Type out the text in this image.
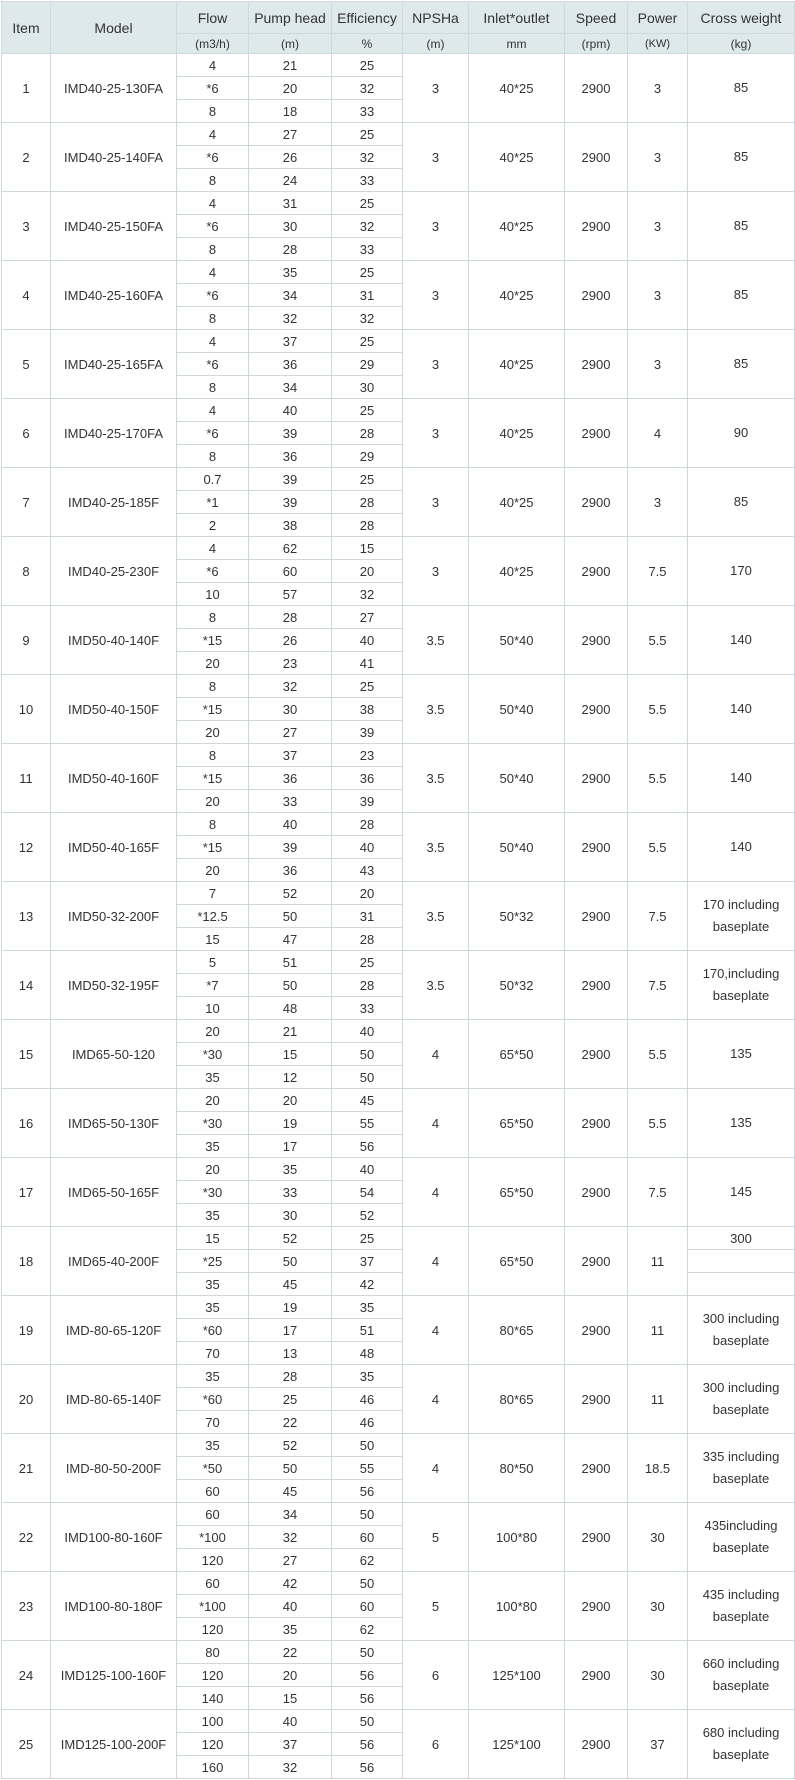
Item	Model	Flow	Pump head	Efficiency	NPSHa	Inlet*outlet	Speed	Power	Cross weight
		(m3/h)	(m)	%	(m)	mm	(rpm)	(KW)	(kg)
1	IMD40-25-130FA	4	21	25	3	40*25	2900	3	85
		*6	20	32					
		8	18	33					
2	IMD40-25-140FA	4	27	25	3	40*25	2900	3	85
		*6	26	32					
		8	24	33					
3	IMD40-25-150FA	4	31	25	3	40*25	2900	3	85
		*6	30	32					
		8	28	33					
4	IMD40-25-160FA	4	35	25	3	40*25	2900	3	85
		*6	34	31					
		8	32	32					
5	IMD40-25-165FA	4	37	25	3	40*25	2900	3	85
		*6	36	29					
		8	34	30					
6	IMD40-25-170FA	4	40	25	3	40*25	2900	4	90
		*6	39	28					
		8	36	29					
7	IMD40-25-185F	0.7	39	25	3	40*25	2900	3	85
		*1	39	28					
		2	38	28					
8	IMD40-25-230F	4	62	15	3	40*25	2900	7.5	170
		*6	60	20					
		10	57	32					
9	IMD50-40-140F	8	28	27	3.5	50*40	2900	5.5	140
		*15	26	40					
		20	23	41					
10	IMD50-40-150F	8	32	25	3.5	50*40	2900	5.5	140
		*15	30	38					
		20	27	39					
11	IMD50-40-160F	8	37	23	3.5	50*40	2900	5.5	140
		*15	36	36					
		20	33	39					
12	IMD50-40-165F	8	40	28	3.5	50*40	2900	5.5	140
		*15	39	40					
		20	36	43					
13	IMD50-32-200F	7	52	20	3.5	50*32	2900	7.5	170 including baseplate
		*12.5	50	31					
		15	47	28					
14	IMD50-32-195F	5	51	25	3.5	50*32	2900	7.5	170,including baseplate
		*7	50	28					
		10	48	33					
15	IMD65-50-120	20	21	40	4	65*50	2900	5.5	135
		*30	15	50					
		35	12	50					
16	IMD65-50-130F	20	20	45	4	65*50	2900	5.5	135
		*30	19	55					
		35	17	56					
17	IMD65-50-165F	20	35	40	4	65*50	2900	7.5	145
		*30	33	54					
		35	30	52					
18	IMD65-40-200F	15	52	25	4	65*50	2900	11	300
		*25	50	37					
		35	45	42					
19	IMD-80-65-120F	35	19	35	4	80*65	2900	11	300 including baseplate
		*60	17	51					
		70	13	48					
20	IMD-80-65-140F	35	28	35	4	80*65	2900	11	300 including baseplate
		*60	25	46					
		70	22	46					
21	IMD-80-50-200F	35	52	50	4	80*50	2900	18.5	335 including baseplate
		*50	50	55					
		60	45	56					
22	IMD100-80-160F	60	34	50	5	100*80	2900	30	435including baseplate
		*100	32	60					
		120	27	62					
23	IMD100-80-180F	60	42	50	5	100*80	2900	30	435 including baseplate
		*100	40	60					
		120	35	62					
24	IMD125-100-160F	80	22	50	6	125*100	2900	30	660 including baseplate
		120	20	56					
		140	15	56					
25	IMD125-100-200F	100	40	50	6	125*100	2900	37	680 including baseplate
		120	37	56					
		160	32	56					
